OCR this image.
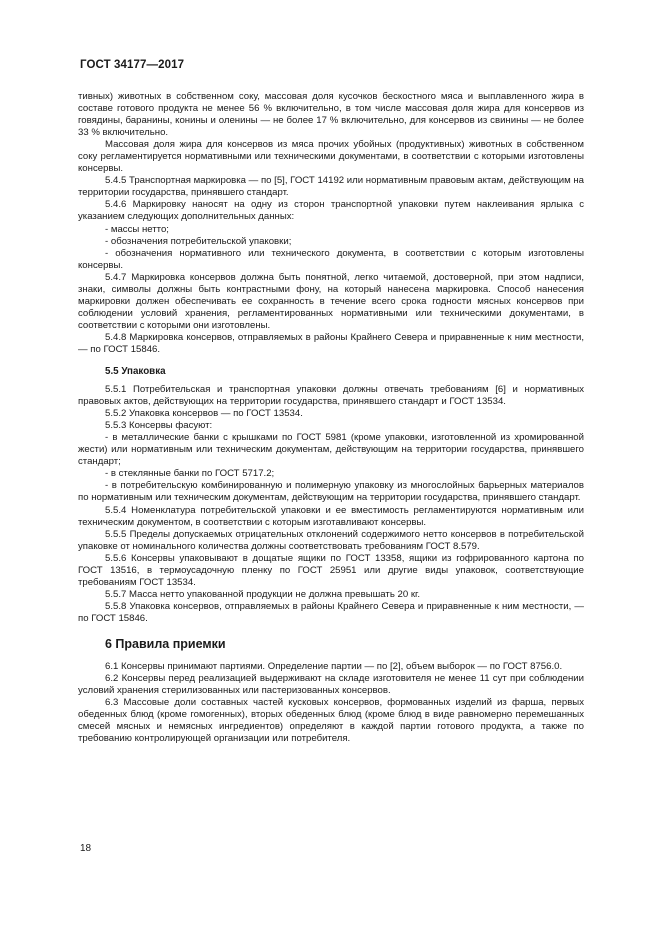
ГОСТ 34177—2017

тивных) животных в собственном соку, массовая доля кусочков бескостного мяса и выплавленного жира в составе готового продукта не менее 56 % включительно, в том числе массовая доля жира для консервов из говядины, баранины, конины и оленины — не более 17 % включительно, для консервов из свинины — не более 33 % включительно.

Массовая доля жира для консервов из мяса прочих убойных (продуктивных) животных в собственном соку регламентируется нормативными или техническими документами, в соответствии с которыми изготовлены консервы.

5.4.5 Транспортная маркировка — по [5], ГОСТ 14192 или нормативным правовым актам, действующим на территории государства, принявшего стандарт.

5.4.6 Маркировку наносят на одну из сторон транспортной упаковки путем наклеивания ярлыка с указанием следующих дополнительных данных:

- массы нетто;

- обозначения потребительской упаковки;

- обозначения нормативного или технического документа, в соответствии с которым изготовлены консервы.

5.4.7 Маркировка консервов должна быть понятной, легко читаемой, достоверной, при этом надписи, знаки, символы должны быть контрастными фону, на который нанесена маркировка. Способ нанесения маркировки должен обеспечивать ее сохранность в течение всего срока годности мясных консервов при соблюдении условий хранения, регламентированных нормативными или техническими документами, в соответствии с которыми они изготовлены.

5.4.8 Маркировка консервов, отправляемых в районы Крайнего Севера и приравненные к ним местности, — по ГОСТ 15846.

5.5 Упаковка

5.5.1 Потребительская и транспортная упаковки должны отвечать требованиям [6] и нормативных правовых актов, действующих на территории государства, принявшего стандарт и ГОСТ 13534.

5.5.2 Упаковка консервов — по ГОСТ 13534.

5.5.3 Консервы фасуют:

- в металлические банки с крышками по ГОСТ 5981 (кроме упаковки, изготовленной из хромированной жести) или нормативным или техническим документам, действующим на территории государства, принявшего стандарт;

- в стеклянные банки по ГОСТ 5717.2;

- в потребительскую комбинированную и полимерную упаковку из многослойных барьерных материалов по нормативным или техническим документам, действующим на территории государства, принявшего стандарт.

5.5.4 Номенклатура потребительской упаковки и ее вместимость регламентируются нормативным или техническим документом, в соответствии с которым изготавливают консервы.

5.5.5 Пределы допускаемых отрицательных отклонений содержимого нетто консервов в потребительской упаковке от номинального количества должны соответствовать требованиям ГОСТ 8.579.

5.5.6 Консервы упаковывают в дощатые ящики по ГОСТ 13358, ящики из гофрированного картона по ГОСТ 13516, в термоусадочную пленку по ГОСТ 25951 или другие виды упаковок, соответствующие требованиям ГОСТ 13534.

5.5.7 Масса нетто упакованной продукции не должна превышать 20 кг.

5.5.8 Упаковка консервов, отправляемых в районы Крайнего Севера и приравненные к ним местности, — по ГОСТ 15846.

6 Правила приемки

6.1 Консервы принимают партиями. Определение партии — по [2], объем выборок — по ГОСТ 8756.0.

6.2 Консервы перед реализацией выдерживают на складе изготовителя не менее 11 сут при соблюдении условий хранения стерилизованных или пастеризованных консервов.

6.3 Массовые доли составных частей кусковых консервов, формованных изделий из фарша, первых обеденных блюд (кроме гомогенных), вторых обеденных блюд (кроме блюд в виде равномерно перемешанных смесей мясных и немясных ингредиентов) определяют в каждой партии готового продукта, а также по требованию контролирующей организации или потребителя.

18
